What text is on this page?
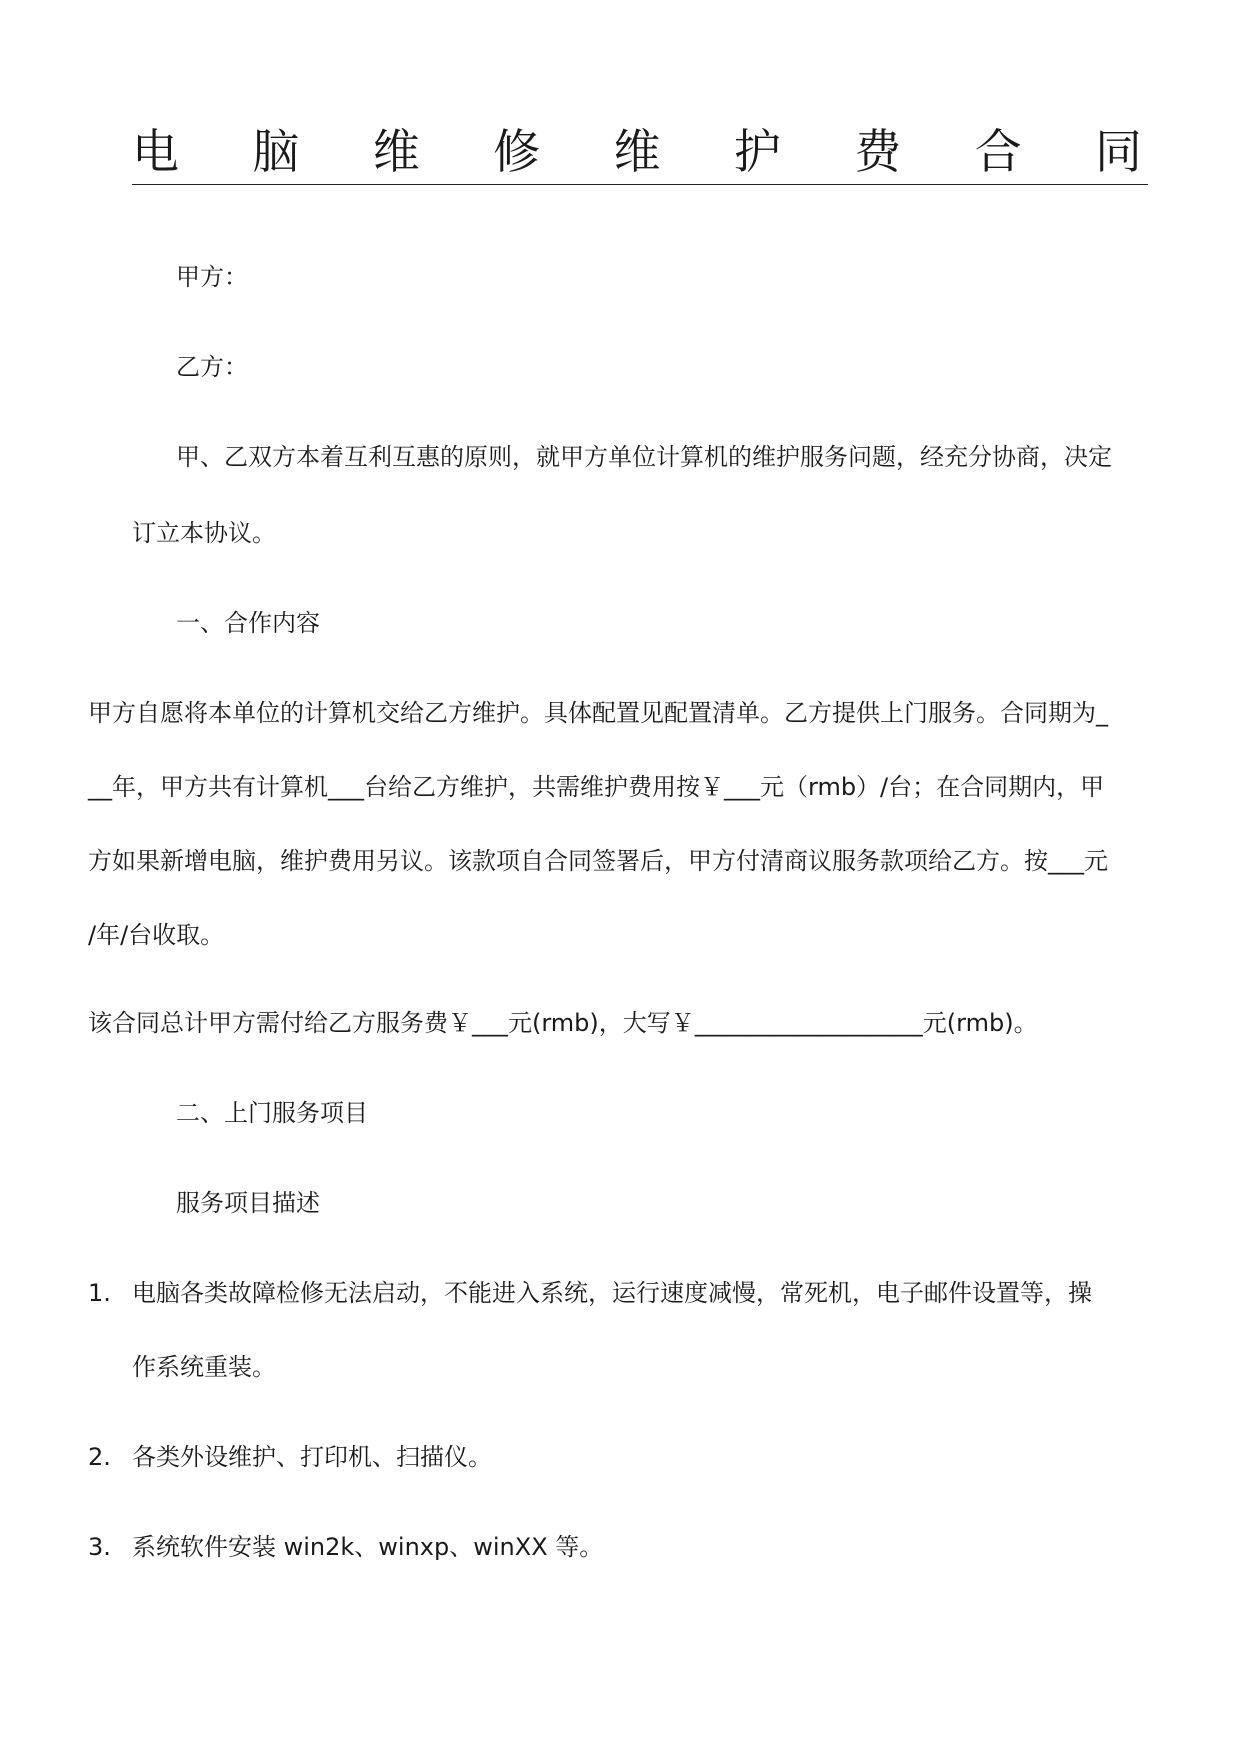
电 脑 维 修 维 护 费 合 同
甲方：
乙方：
甲、乙双方本着互利互惠的原则，就甲方单位计算机的维护服务问题，经充分协商，决定
订立本协议。
一、合作内容
甲方自愿将本单位的计算机交给乙方维护。具体配置见配置清单。乙方提供上门服务。合同期为_
__年，甲方共有计算机___台给乙方维护，共需维护费用按￥___元（rmb）/台；在合同期内，甲
方如果新增电脑，维护费用另议。该款项自合同签署后，甲方付清商议服务款项给乙方。按___元
/年/台收取。
该合同总计甲方需付给乙方服务费￥___元(rmb)，大写￥___________________元(rmb)。
二、上门服务项目
服务项目描述
1. 电脑各类故障检修无法启动，不能进入系统，运行速度减慢，常死机，电子邮件设置等，操
作系统重装。
2. 各类外设维护、打印机、扫描仪。
3. 系统软件安装 win2k、winxp、winXX 等。
